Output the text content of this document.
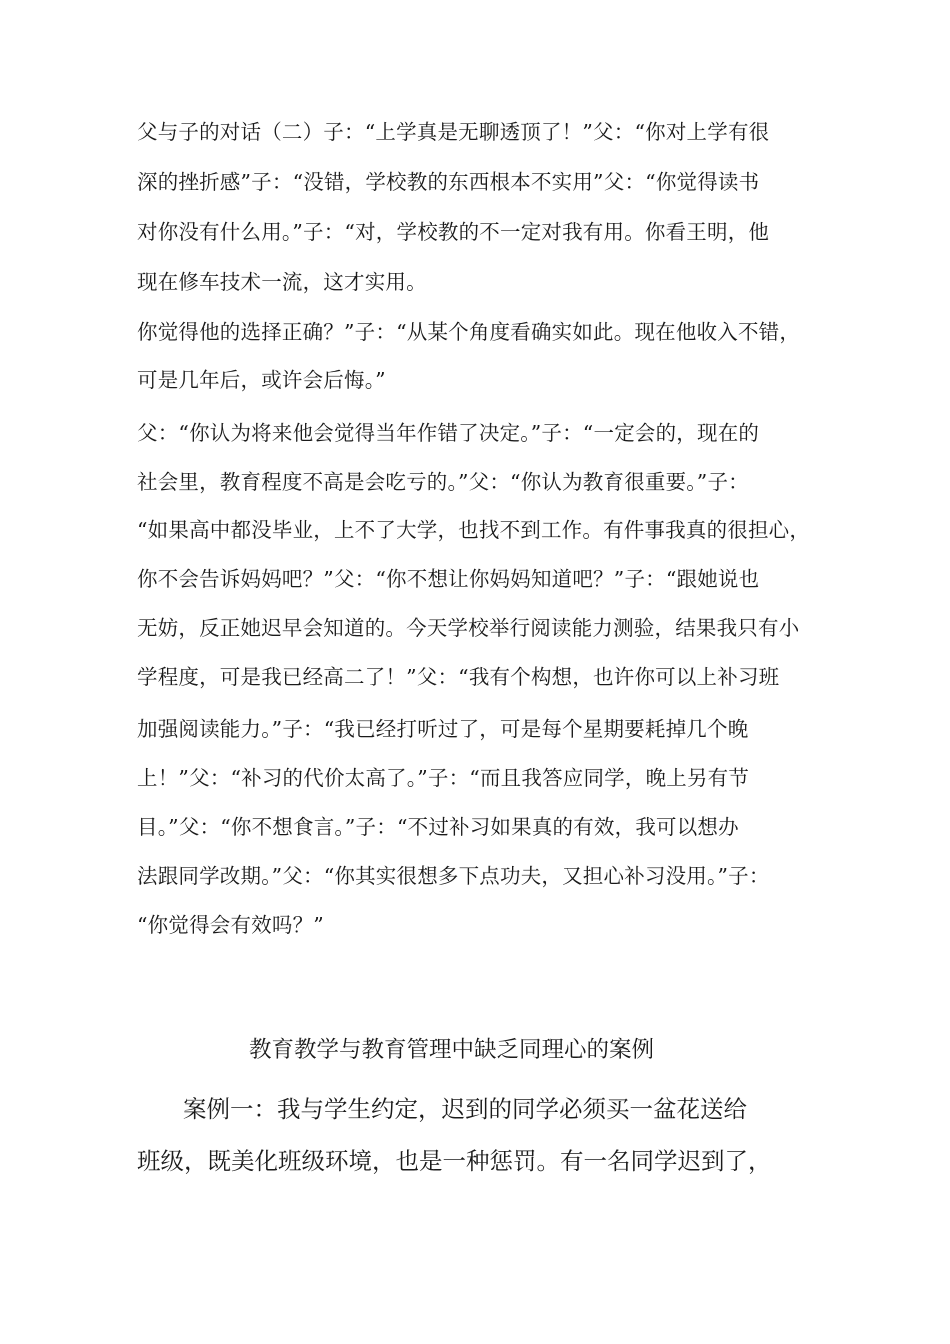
父与子的对话（二）子：“上学真是无聊透顶了！”父：“你对上学有很
深的挫折感”子：“没错，学校教的东西根本不实用”父：“你觉得读书
对你没有什么用。”子：“对，学校教的不一定对我有用。你看王明，他
现在修车技术一流，这才实用。
你觉得他的选择正确？”子：“从某个角度看确实如此。现在他收入不错，
可是几年后，或许会后悔。”
父：“你认为将来他会觉得当年作错了决定。”子：“一定会的，现在的
社会里，教育程度不高是会吃亏的。”父：“你认为教育很重要。”子：
“如果高中都没毕业，上不了大学，也找不到工作。有件事我真的很担心，
你不会告诉妈妈吧？”父：“你不想让你妈妈知道吧？”子：“跟她说也
无妨，反正她迟早会知道的。今天学校举行阅读能力测验，结果我只有小
学程度，可是我已经高二了！”父：“我有个构想，也许你可以上补习班
加强阅读能力。”子：“我已经打听过了，可是每个星期要耗掉几个晚
上！”父：“补习的代价太高了。”子：“而且我答应同学，晚上另有节
目。”父：“你不想食言。”子：“不过补习如果真的有效，我可以想办
法跟同学改期。”父：“你其实很想多下点功夫，又担心补习没用。”子：
“你觉得会有效吗？”
教育教学与教育管理中缺乏同理心的案例
案例一：我与学生约定，迟到的同学必须买一盆花送给
班级，既美化班级环境，也是一种惩罚。有一名同学迟到了，
